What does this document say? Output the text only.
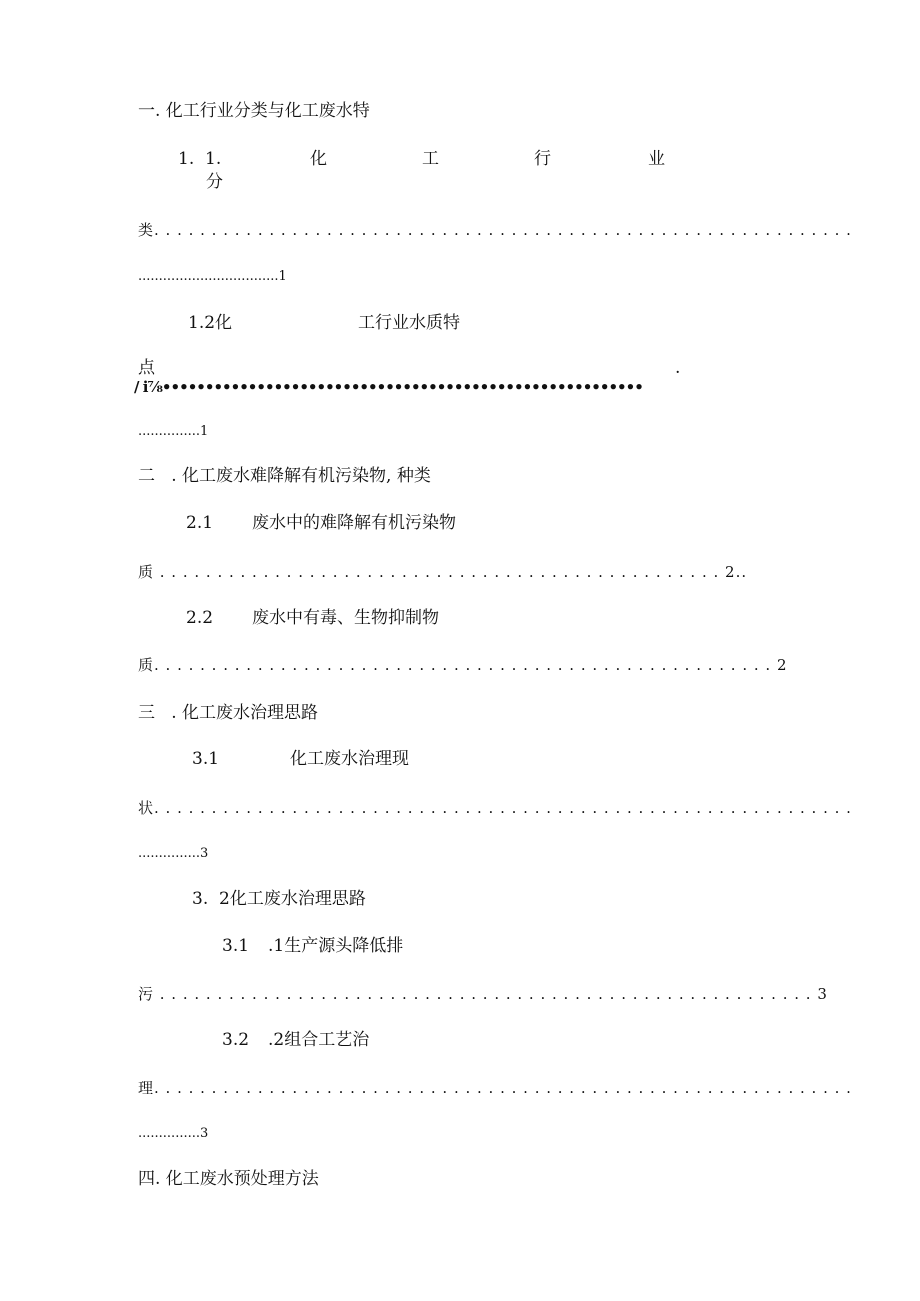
一. 化工行业分类与化工废水特
1.  1.	化	工	行	业
分
类. . . . . . . . . . . . . . . . . . . . . . . . . . . . . . . . . . . . . . . . . . . . . . . . . . . . . . . . . . . . .
..................................1
1.2化	工行业水质特
点	.
/ i⅞••••••••••••••••••••••••••••••••••••••••••••••••••••••••
...............1
二   . 化工废水难降解有机污染物, 种类
2.1 废水中的难降解有机污染物
质 . . . . . . . . . . . . . . . . . . . . . . . . . . . . . . . . . . . . . . . . . . . . . . . . . 2..
2.2 废水中有毒、生物抑制物
质. . . . . . . . . . . . . . . . . . . . . . . . . . . . . . . . . . . . . . . . . . . . . . . . . . . . . . 2
三   . 化工废水治理思路
3.1	化工废水治理现
状. . . . . . . . . . . . . . . . . . . . . . . . . . . . . . . . . . . . . . . . . . . . . . . . . . . . . . . . . . . . .
...............3
3.  2化工废水治理思路
3.1 .1生产源头降低排
污 . . . . . . . . . . . . . . . . . . . . . . . . . . . . . . . . . . . . . . . . . . . . . . . . . . . . . . . . . 3
3.2 .2组合工艺治
理. . . . . . . . . . . . . . . . . . . . . . . . . . . . . . . . . . . . . . . . . . . . . . . . . . . . . . . . . . . . .
...............3
四. 化工废水预处理方法
